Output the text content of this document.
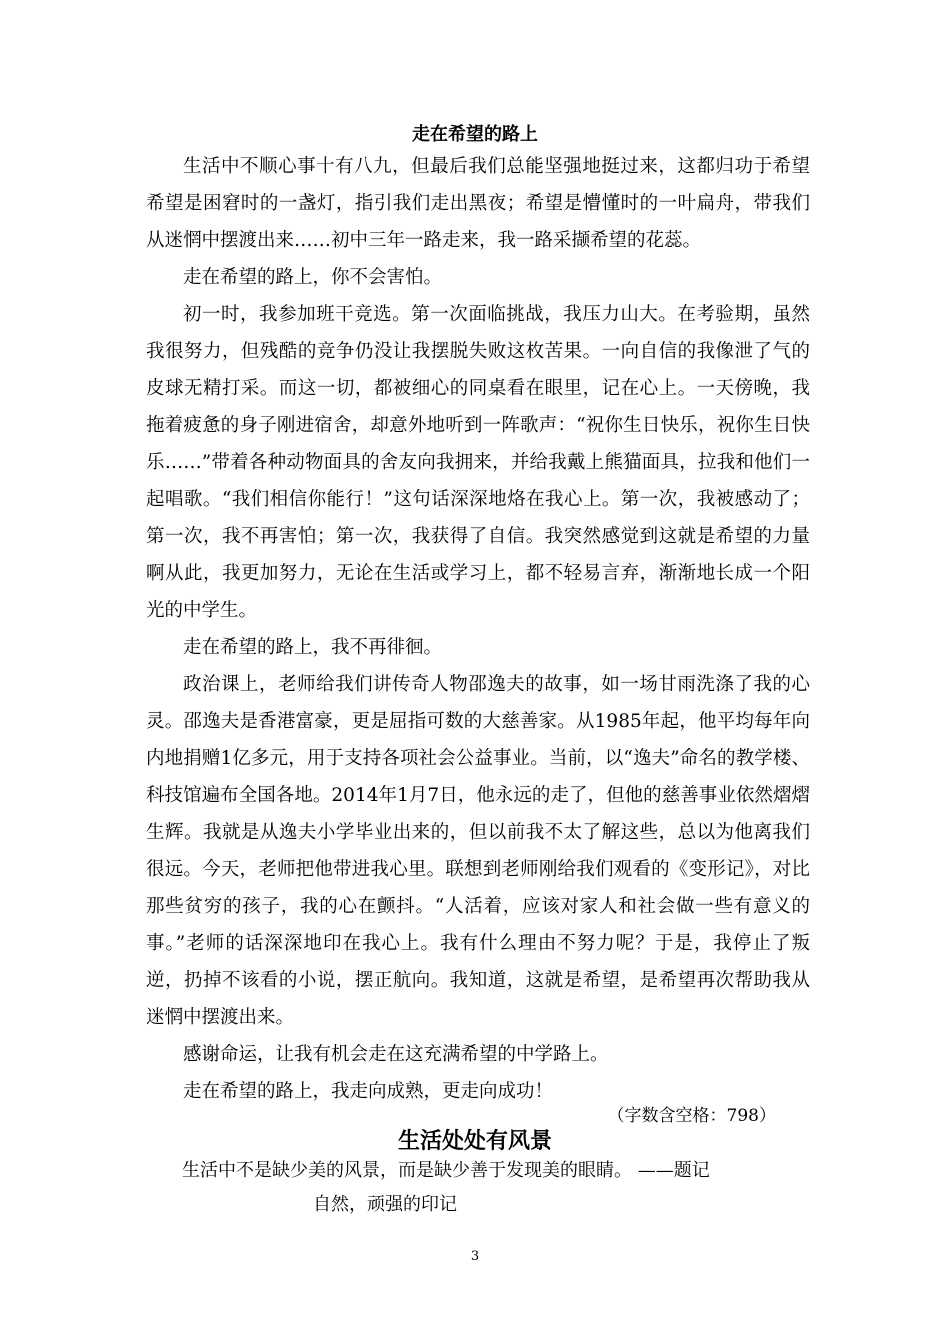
走在希望的路上

生活中不顺心事十有八九，但最后我们总能坚强地挺过来，这都归功于希望希望是困窘时的一盏灯，指引我们走出黑夜；希望是懵懂时的一叶扁舟，带我们从迷惘中摆渡出来……初中三年一路走来，我一路采撷希望的花蕊。

走在希望的路上，你不会害怕。

初一时，我参加班干竞选。第一次面临挑战，我压力山大。在考验期，虽然我很努力，但残酷的竞争仍没让我摆脱失败这枚苦果。一向自信的我像泄了气的皮球无精打采。而这一切，都被细心的同桌看在眼里，记在心上。一天傍晚，我拖着疲惫的身子刚进宿舍，却意外地听到一阵歌声：“祝你生日快乐，祝你生日快乐……”带着各种动物面具的舍友向我拥来，并给我戴上熊猫面具，拉我和他们一起唱歌。“我们相信你能行！”这句话深深地烙在我心上。第一次，我被感动了；第一次，我不再害怕；第一次，我获得了自信。我突然感觉到这就是希望的力量啊从此，我更加努力，无论在生活或学习上，都不轻易言弃，渐渐地长成一个阳光的中学生。

走在希望的路上，我不再徘徊。

政治课上，老师给我们讲传奇人物邵逸夫的故事，如一场甘雨洗涤了我的心灵。邵逸夫是香港富豪，更是屈指可数的大慈善家。从1985年起，他平均每年向内地捐赠1亿多元，用于支持各项社会公益事业。当前，以“逸夫”命名的教学楼、科技馆遍布全国各地。2014年1月7日，他永远的走了，但他的慈善事业依然熠熠生辉。我就是从逸夫小学毕业出来的，但以前我不太了解这些，总以为他离我们很远。今天，老师把他带进我心里。联想到老师刚给我们观看的《变形记》，对比那些贫穷的孩子，我的心在颤抖。“人活着，应该对家人和社会做一些有意义的事。”老师的话深深地印在我心上。我有什么理由不努力呢？于是，我停止了叛逆，扔掉不该看的小说，摆正航向。我知道，这就是希望，是希望再次帮助我从迷惘中摆渡出来。

感谢命运，让我有机会走在这充满希望的中学路上。

走在希望的路上，我走向成熟，更走向成功！

（字数含空格：798）
生活处处有风景
生活中不是缺少美的风景，而是缺少善于发现美的眼睛。 ——题记
自然，顽强的印记
3
